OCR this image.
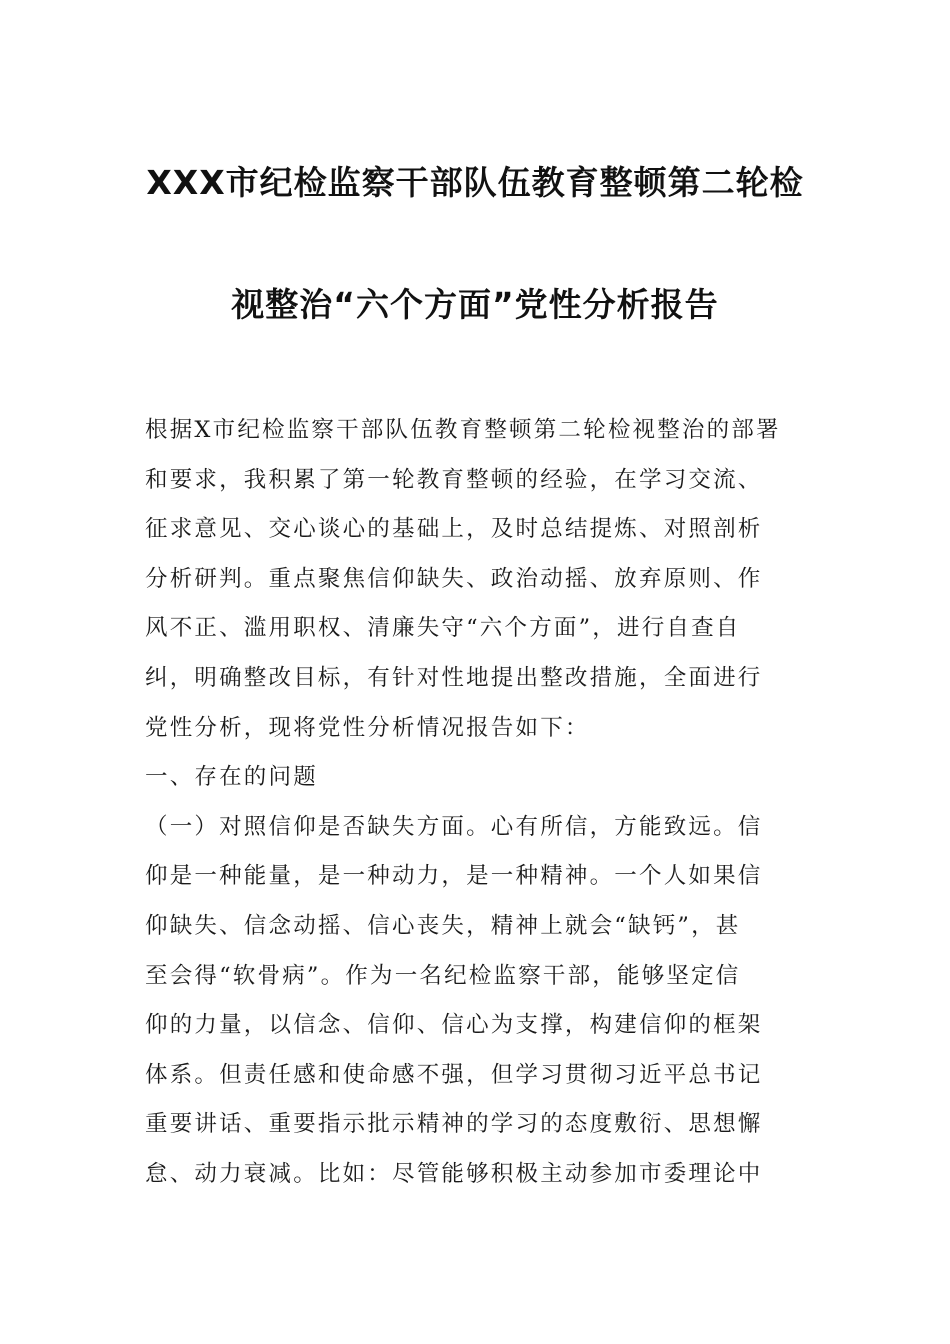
XXX市纪检监察干部队伍教育整顿第二轮检
视整治“六个方面”党性分析报告
根据X市纪检监察干部队伍教育整顿第二轮检视整治的部署
和要求，我积累了第一轮教育整顿的经验，在学习交流、
征求意见、交心谈心的基础上，及时总结提炼、对照剖析
分析研判。重点聚焦信仰缺失、政治动摇、放弃原则、作
风不正、滥用职权、清廉失守“六个方面”，进行自查自
纠，明确整改目标，有针对性地提出整改措施，全面进行
党性分析，现将党性分析情况报告如下：
一、存在的问题
（一）对照信仰是否缺失方面。心有所信，方能致远。信
仰是一种能量，是一种动力，是一种精神。一个人如果信
仰缺失、信念动摇、信心丧失，精神上就会“缺钙”，甚
至会得“软骨病”。作为一名纪检监察干部，能够坚定信
仰的力量，以信念、信仰、信心为支撑，构建信仰的框架
体系。但责任感和使命感不强，但学习贯彻习近平总书记
重要讲话、重要指示批示精神的学习的态度敷衍、思想懈
怠、动力衰减。比如：尽管能够积极主动参加市委理论中
